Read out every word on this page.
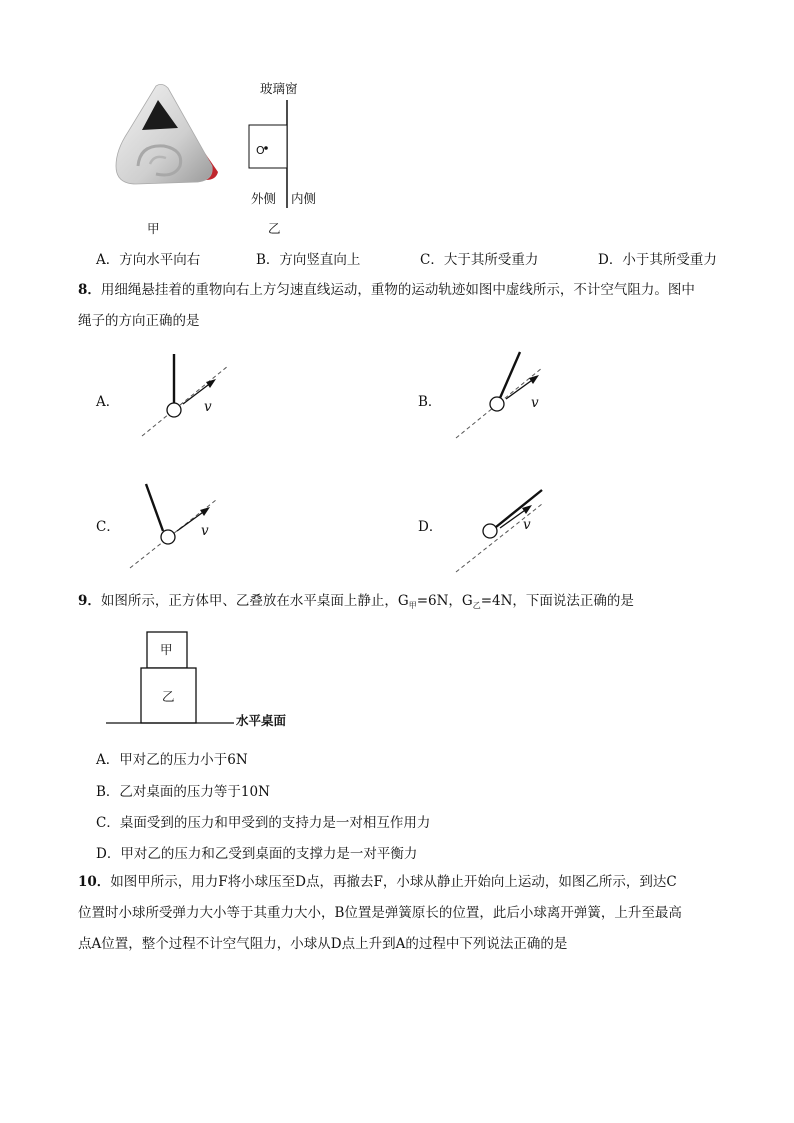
甲
玻璃窗
O
外侧 内侧
乙
A．方向水平向右	B．方向竖直向上	C．大于其所受重力	D．小于其所受重力
8．用细绳悬挂着的重物向右上方匀速直线运动，重物的运动轨迹如图中虚线所示，不计空气阻力。图中
绳子的方向正确的是
A．	v	B．	v
C．	v	D．	v
9．如图所示，正方体甲、乙叠放在水平桌面上静止，$G_甲=6N$，$G_乙=4N$，下面说法正确的是
甲
乙
水平桌面
A．甲对乙的压力小于6N
B．乙对桌面的压力等于10N
C．桌面受到的压力和甲受到的支持力是一对相互作用力
D．甲对乙的压力和乙受到桌面的支撑力是一对平衡力
10．如图甲所示，用力F将小球压至D点，再撤去F，小球从静止开始向上运动，如图乙所示，到达C
位置时小球所受弹力大小等于其重力大小，B位置是弹簧原长的位置，此后小球离开弹簧，上升至最高
点A位置，整个过程不计空气阻力，小球从D点上升到A的过程中下列说法正确的是
